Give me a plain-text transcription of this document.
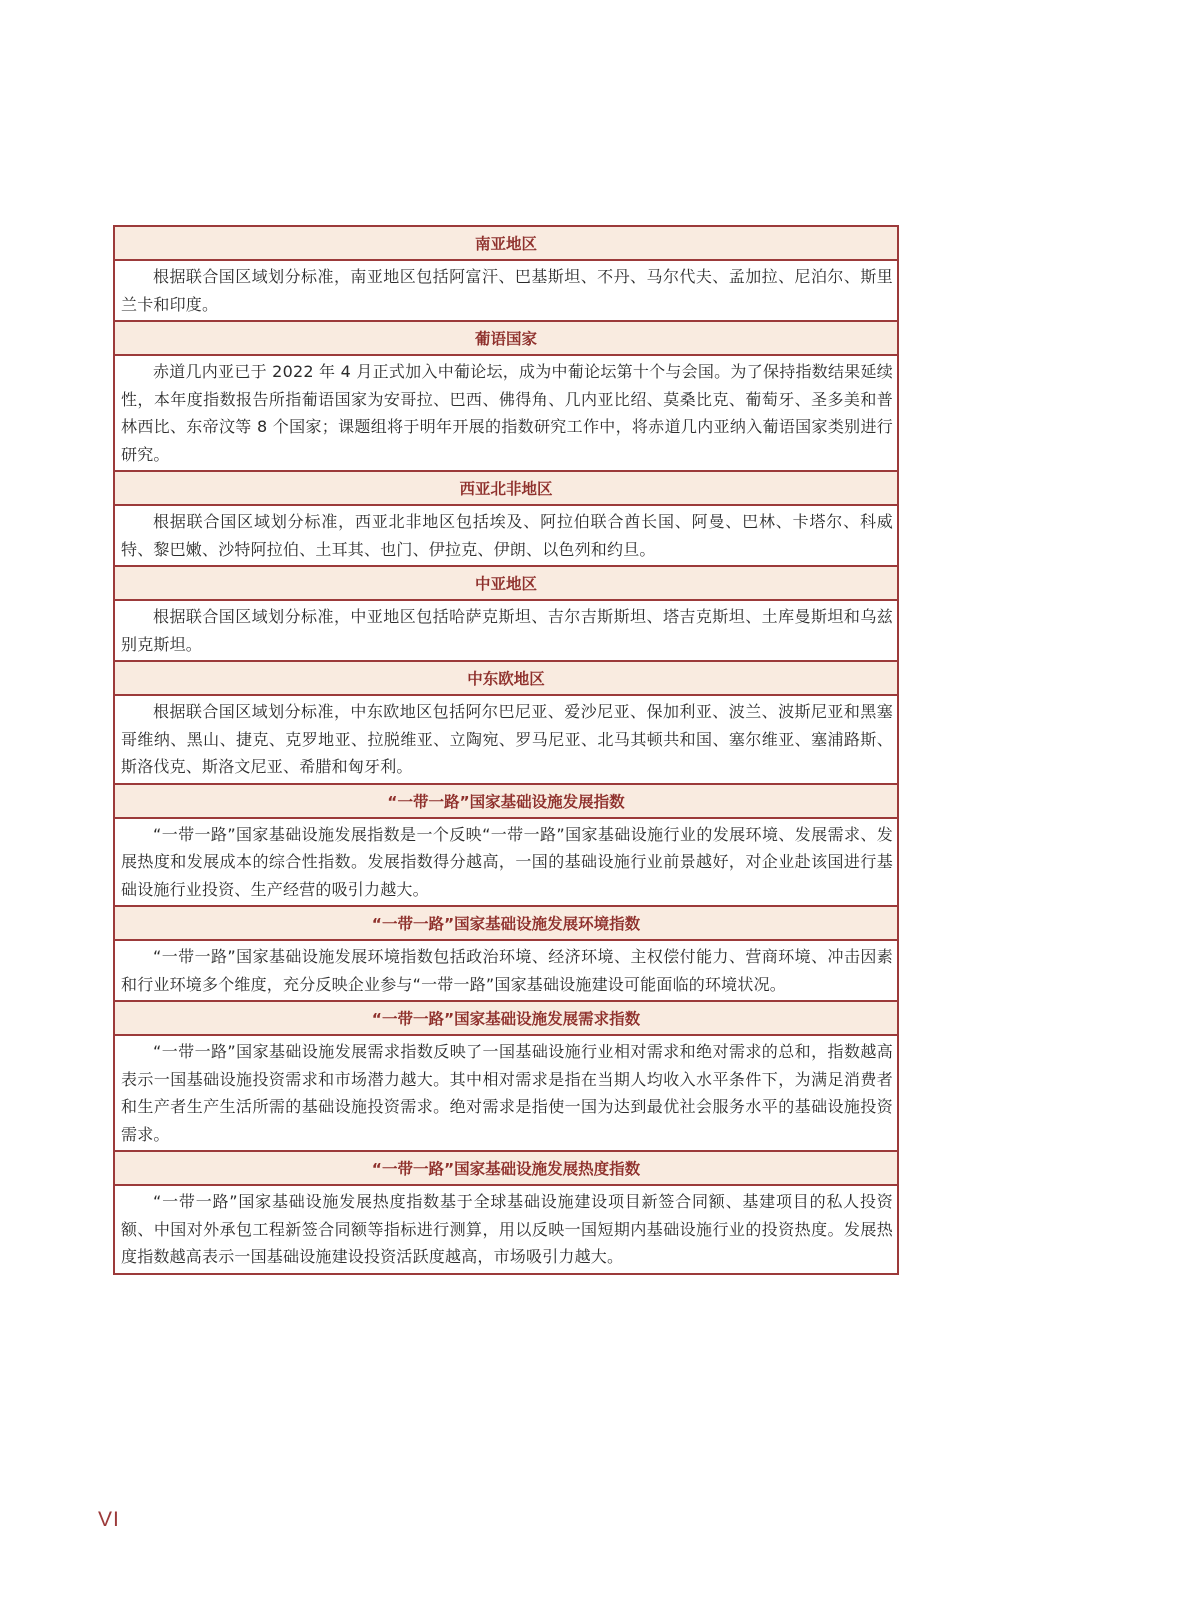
南亚地区
根据联合国区域划分标准，南亚地区包括阿富汗、巴基斯坦、不丹、马尔代夫、孟加拉、尼泊尔、斯里兰卡和印度。
葡语国家
赤道几内亚已于 2022 年 4 月正式加入中葡论坛，成为中葡论坛第十个与会国。为了保持指数结果延续性，本年度指数报告所指葡语国家为安哥拉、巴西、佛得角、几内亚比绍、莫桑比克、葡萄牙、圣多美和普林西比、东帝汶等 8 个国家；课题组将于明年开展的指数研究工作中，将赤道几内亚纳入葡语国家类别进行研究。
西亚北非地区
根据联合国区域划分标准，西亚北非地区包括埃及、阿拉伯联合酋长国、阿曼、巴林、卡塔尔、科威特、黎巴嫩、沙特阿拉伯、土耳其、也门、伊拉克、伊朗、以色列和约旦。
中亚地区
根据联合国区域划分标准，中亚地区包括哈萨克斯坦、吉尔吉斯斯坦、塔吉克斯坦、土库曼斯坦和乌兹别克斯坦。
中东欧地区
根据联合国区域划分标准，中东欧地区包括阿尔巴尼亚、爱沙尼亚、保加利亚、波兰、波斯尼亚和黑塞哥维纳、黑山、捷克、克罗地亚、拉脱维亚、立陶宛、罗马尼亚、北马其顿共和国、塞尔维亚、塞浦路斯、斯洛伐克、斯洛文尼亚、希腊和匈牙利。
“一带一路”国家基础设施发展指数
“一带一路”国家基础设施发展指数是一个反映“一带一路”国家基础设施行业的发展环境、发展需求、发展热度和发展成本的综合性指数。发展指数得分越高，一国的基础设施行业前景越好，对企业赴该国进行基础设施行业投资、生产经营的吸引力越大。
“一带一路”国家基础设施发展环境指数
“一带一路”国家基础设施发展环境指数包括政治环境、经济环境、主权偿付能力、营商环境、冲击因素和行业环境多个维度，充分反映企业参与“一带一路”国家基础设施建设可能面临的环境状况。
“一带一路”国家基础设施发展需求指数
“一带一路”国家基础设施发展需求指数反映了一国基础设施行业相对需求和绝对需求的总和，指数越高表示一国基础设施投资需求和市场潜力越大。其中相对需求是指在当期人均收入水平条件下，为满足消费者和生产者生产生活所需的基础设施投资需求。绝对需求是指使一国为达到最优社会服务水平的基础设施投资需求。
“一带一路”国家基础设施发展热度指数
“一带一路”国家基础设施发展热度指数基于全球基础设施建设项目新签合同额、基建项目的私人投资额、中国对外承包工程新签合同额等指标进行测算，用以反映一国短期内基础设施行业的投资热度。发展热度指数越高表示一国基础设施建设投资活跃度越高，市场吸引力越大。
VI
